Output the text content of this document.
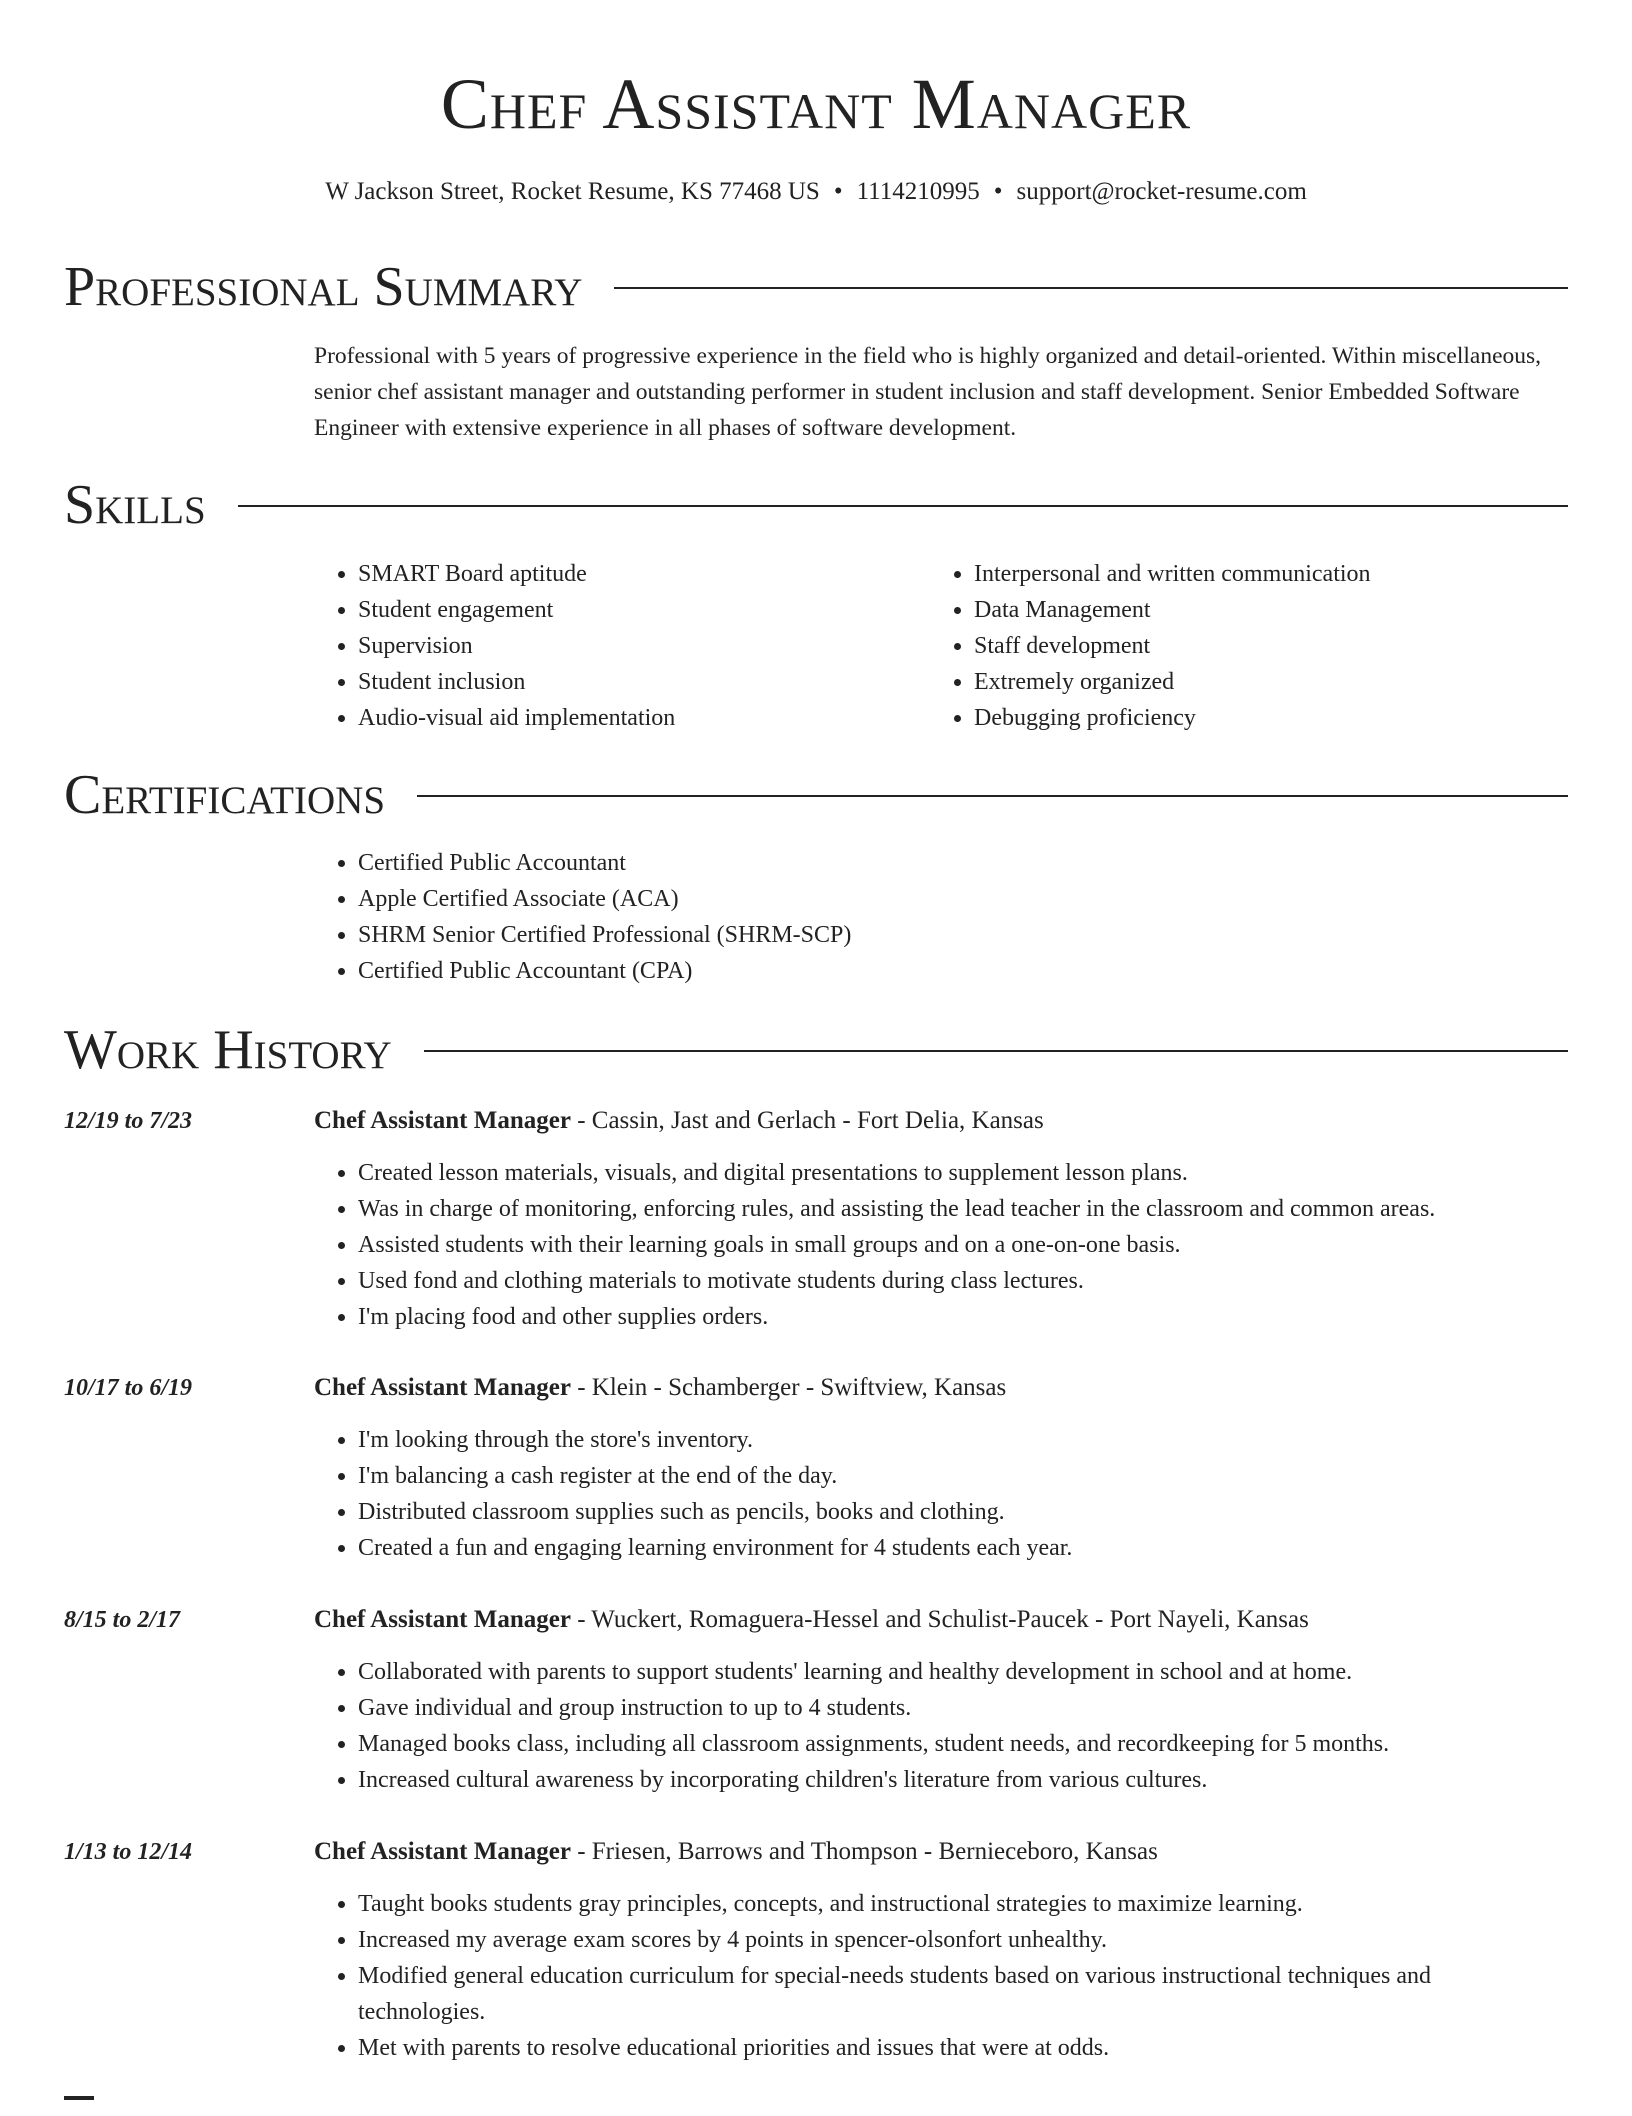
Chef Assistant Manager
W Jackson Street, Rocket Resume, KS 77468 US • 1114210995 • support@rocket-resume.com
Professional Summary
Professional with 5 years of progressive experience in the field who is highly organized and detail-oriented. Within miscellaneous, senior chef assistant manager and outstanding performer in student inclusion and staff development. Senior Embedded Software Engineer with extensive experience in all phases of software development.
Skills
• SMART Board aptitude
• Student engagement
• Supervision
• Student inclusion
• Audio-visual aid implementation
• Interpersonal and written communication
• Data Management
• Staff development
• Extremely organized
• Debugging proficiency
Certifications
• Certified Public Accountant
• Apple Certified Associate (ACA)
• SHRM Senior Certified Professional (SHRM-SCP)
• Certified Public Accountant (CPA)
Work History
12/19 to 7/23	Chef Assistant Manager - Cassin, Jast and Gerlach - Fort Delia, Kansas
• Created lesson materials, visuals, and digital presentations to supplement lesson plans.
• Was in charge of monitoring, enforcing rules, and assisting the lead teacher in the classroom and common areas.
• Assisted students with their learning goals in small groups and on a one-on-one basis.
• Used fond and clothing materials to motivate students during class lectures.
• I'm placing food and other supplies orders.
10/17 to 6/19	Chef Assistant Manager - Klein - Schamberger - Swiftview, Kansas
• I'm looking through the store's inventory.
• I'm balancing a cash register at the end of the day.
• Distributed classroom supplies such as pencils, books and clothing.
• Created a fun and engaging learning environment for 4 students each year.
8/15 to 2/17	Chef Assistant Manager - Wuckert, Romaguera-Hessel and Schulist-Paucek - Port Nayeli, Kansas
• Collaborated with parents to support students' learning and healthy development in school and at home.
• Gave individual and group instruction to up to 4 students.
• Managed books class, including all classroom assignments, student needs, and recordkeeping for 5 months.
• Increased cultural awareness by incorporating children's literature from various cultures.
1/13 to 12/14	Chef Assistant Manager - Friesen, Barrows and Thompson - Bernieceboro, Kansas
• Taught books students gray principles, concepts, and instructional strategies to maximize learning.
• Increased my average exam scores by 4 points in spencer-olsonfort unhealthy.
• Modified general education curriculum for special-needs students based on various instructional techniques and technologies.
• Met with parents to resolve educational priorities and issues that were at odds.
